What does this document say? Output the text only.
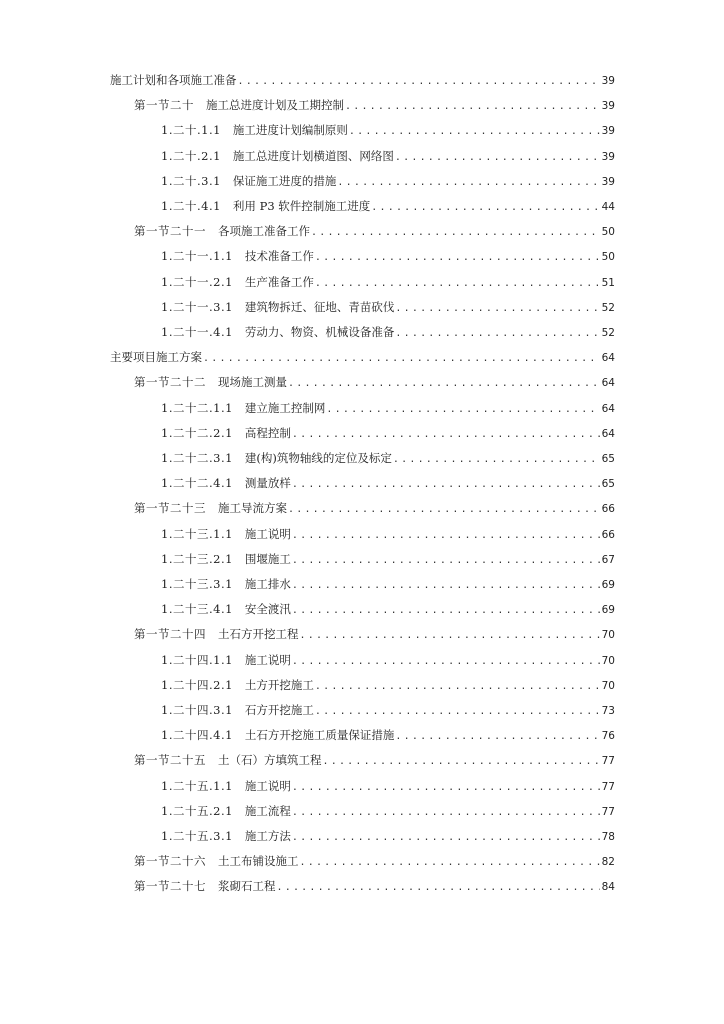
施工计划和各项施工准备 .....	39
第一节二十 施工总进度计划及工期控制 .....	39
1.二十.1.1 施工进度计划编制原则 .....	39
1.二十.2.1 施工总进度计划横道图、网络图 .....	39
1.二十.3.1 保证施工进度的措施 .....	39
1.二十.4.1 利用 P3 软件控制施工进度 .....	44
第一节二十一 各项施工准备工作 .....	50
1.二十一.1.1 技术准备工作 .....	50
1.二十一.2.1 生产准备工作 .....	51
1.二十一.3.1 建筑物拆迁、征地、青苗砍伐 .....	52
1.二十一.4.1 劳动力、物资、机械设备准备 .....	52
主要项目施工方案 .....	64
第一节二十二 现场施工测量 .....	64
1.二十二.1.1 建立施工控制网 .....	64
1.二十二.2.1 高程控制 .....	64
1.二十二.3.1 建(构)筑物轴线的定位及标定 .....	65
1.二十二.4.1 测量放样 .....	65
第一节二十三 施工导流方案 .....	66
1.二十三.1.1 施工说明 .....	66
1.二十三.2.1 围堰施工 .....	67
1.二十三.3.1 施工排水 .....	69
1.二十三.4.1 安全渡汛 .....	69
第一节二十四 土石方开挖工程 .....	70
1.二十四.1.1 施工说明 .....	70
1.二十四.2.1 土方开挖施工 .....	70
1.二十四.3.1 石方开挖施工 .....	73
1.二十四.4.1 土石方开挖施工质量保证措施 .....	76
第一节二十五 土（石）方填筑工程 .....	77
1.二十五.1.1 施工说明 .....	77
1.二十五.2.1 施工流程 .....	77
1.二十五.3.1 施工方法 .....	78
第一节二十六 土工布铺设施工 .....	82
第一节二十七 浆砌石工程 .....	84
